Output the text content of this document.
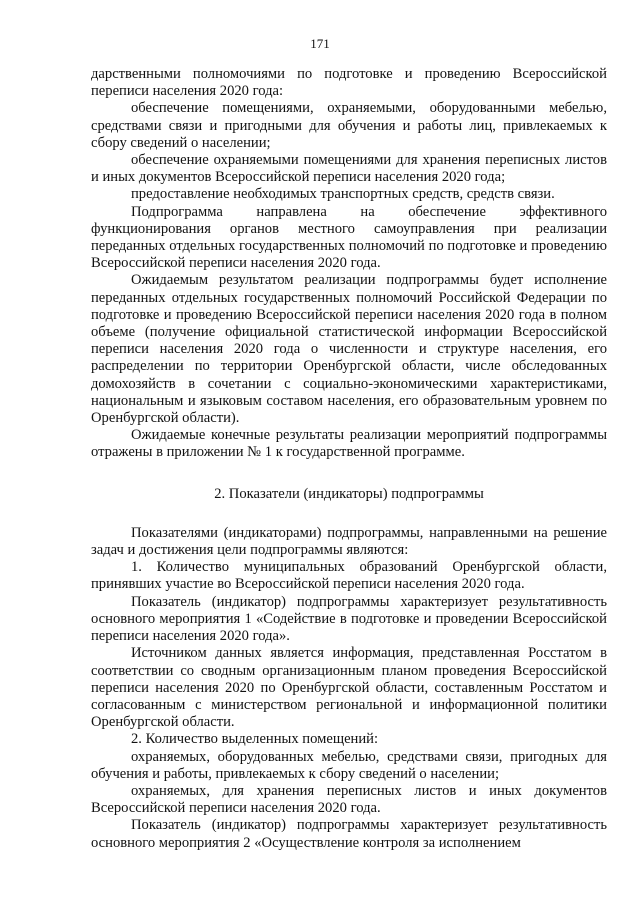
171

дарственными полномочиями по подготовке и проведению Всероссийской переписи населения 2020 года:

обеспечение помещениями, охраняемыми, оборудованными мебелью, средствами связи и пригодными для обучения и работы лиц, привлекаемых к сбору сведений о населении;

обеспечение охраняемыми помещениями для хранения переписных листов и иных документов Всероссийской переписи населения 2020 года;

предоставление необходимых транспортных средств, средств связи.

Подпрограмма направлена на обеспечение эффективного функционирования органов местного самоуправления при реализации переданных отдельных государственных полномочий по подготовке и проведению Всероссийской переписи населения 2020 года.

Ожидаемым результатом реализации подпрограммы будет исполнение переданных отдельных государственных полномочий Российской Федерации по подготовке и проведению Всероссийской переписи населения 2020 года в полном объеме (получение официальной статистической информации Всероссийской переписи населения 2020 года о численности и структуре населения, его распределении по территории Оренбургской области, числе обследованных домохозяйств в сочетании с социально-экономическими характеристиками, национальным и языковым составом населения, его образовательным уровнем по Оренбургской области).

Ожидаемые конечные результаты реализации мероприятий подпрограммы отражены в приложении № 1 к государственной программе.

2. Показатели (индикаторы) подпрограммы

Показателями (индикаторами) подпрограммы, направленными на решение задач и достижения цели подпрограммы являются:

1. Количество муниципальных образований Оренбургской области, принявших участие во Всероссийской переписи населения 2020 года.

Показатель (индикатор) подпрограммы характеризует результативность основного мероприятия 1 «Содействие в подготовке и проведении Всероссийской переписи населения 2020 года».

Источником данных является информация, представленная Росстатом в соответствии со сводным организационным планом проведения Всероссийской переписи населения 2020 по Оренбургской области, составленным Росстатом и согласованным с министерством региональной и информационной политики Оренбургской области.

2. Количество выделенных помещений:

охраняемых, оборудованных мебелью, средствами связи, пригодных для обучения и работы, привлекаемых к сбору сведений о населении;

охраняемых, для хранения переписных листов и иных документов Всероссийской переписи населения 2020 года.

Показатель (индикатор) подпрограммы характеризует результативность основного мероприятия 2 «Осуществление контроля за исполнением
